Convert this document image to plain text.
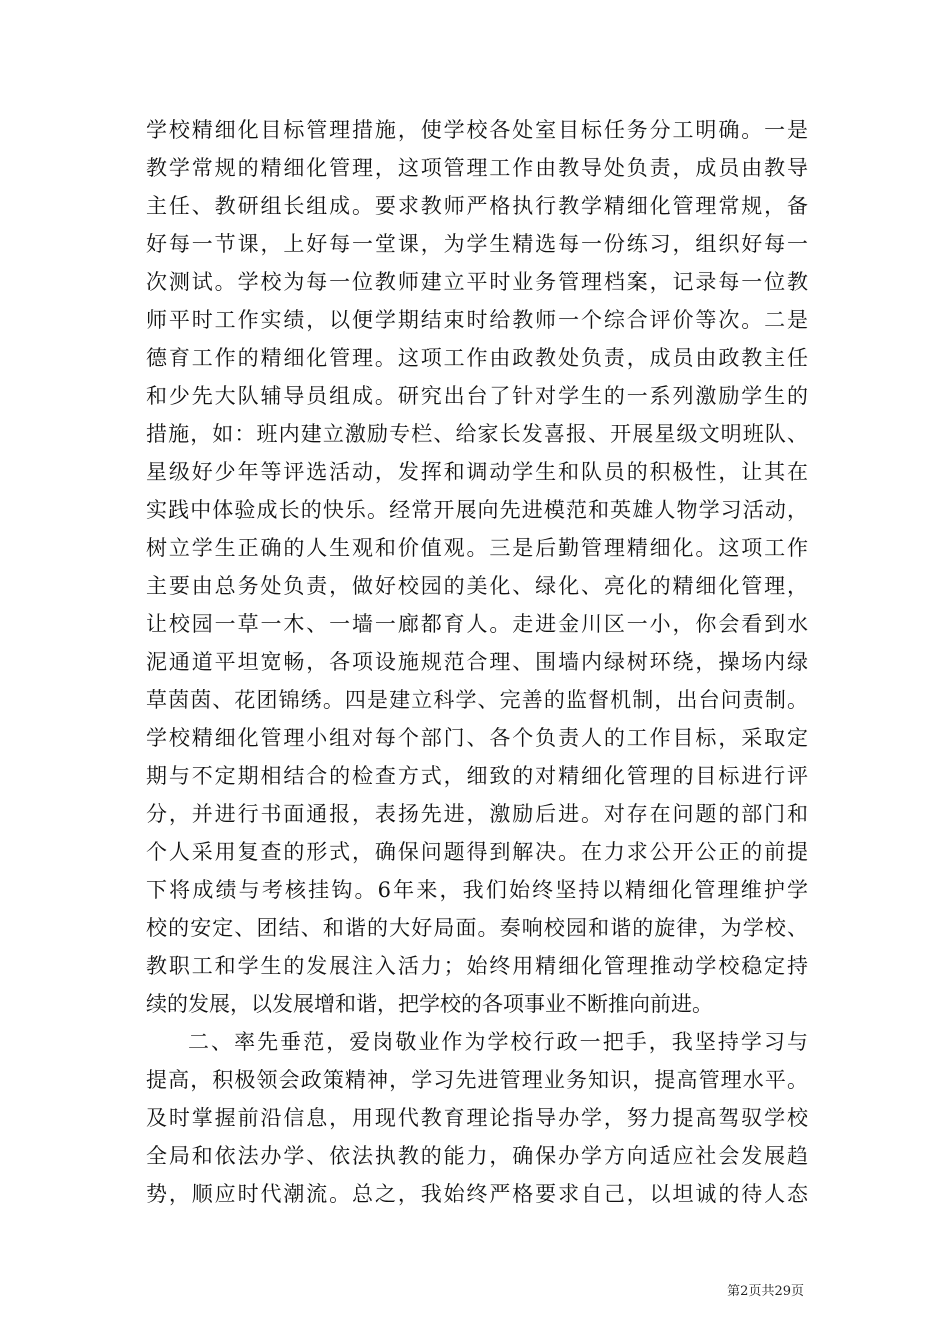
学校精细化目标管理措施，使学校各处室目标任务分工明确。一是
教学常规的精细化管理，这项管理工作由教导处负责，成员由教导
主任、教研组长组成。要求教师严格执行教学精细化管理常规，备
好每一节课，上好每一堂课，为学生精选每一份练习，组织好每一
次测试。学校为每一位教师建立平时业务管理档案，记录每一位教
师平时工作实绩，以便学期结束时给教师一个综合评价等次。二是
德育工作的精细化管理。这项工作由政教处负责，成员由政教主任
和少先大队辅导员组成。研究出台了针对学生的一系列激励学生的
措施，如：班内建立激励专栏、给家长发喜报、开展星级文明班队、
星级好少年等评选活动，发挥和调动学生和队员的积极性，让其在
实践中体验成长的快乐。经常开展向先进模范和英雄人物学习活动，
树立学生正确的人生观和价值观。三是后勤管理精细化。这项工作
主要由总务处负责，做好校园的美化、绿化、亮化的精细化管理，
让校园一草一木、一墙一廊都育人。走进金川区一小，你会看到水
泥通道平坦宽畅，各项设施规范合理、围墙内绿树环绕，操场内绿
草茵茵、花团锦绣。四是建立科学、完善的监督机制，出台问责制。
学校精细化管理小组对每个部门、各个负责人的工作目标，采取定
期与不定期相结合的检查方式，细致的对精细化管理的目标进行评
分，并进行书面通报，表扬先进，激励后进。对存在问题的部门和
个人采用复查的形式，确保问题得到解决。在力求公开公正的前提
下将成绩与考核挂钩。6年来，我们始终坚持以精细化管理维护学
校的安定、团结、和谐的大好局面。奏响校园和谐的旋律，为学校、
教职工和学生的发展注入活力；始终用精细化管理推动学校稳定持
续的发展，以发展增和谐，把学校的各项事业不断推向前进。
二、率先垂范，爱岗敬业作为学校行政一把手，我坚持学习与
提高，积极领会政策精神，学习先进管理业务知识，提高管理水平。
及时掌握前沿信息，用现代教育理论指导办学，努力提高驾驭学校
全局和依法办学、依法执教的能力，确保办学方向适应社会发展趋
势，顺应时代潮流。总之，我始终严格要求自己，以坦诚的待人态
第2页共29页
